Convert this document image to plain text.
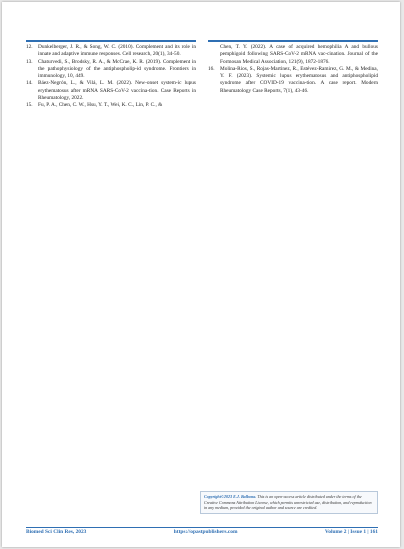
12.	Dunkelberger, J. R., & Song, W. C. (2010). Complement and its role in innate and adaptive immune responses. Cell research, 20(1), 34-50.
13.	Chaturvedi, S., Brodsky, R. A., & McCrae, K. R. (2019). Complement in the pathophysiology of the antiphospholip-id syndrome. Frontiers in immunology, 10, 449.
14.	Báez-Negrón, L., & Vilá, L. M. (2022). New-onset system-ic lupus erythematosus after mRNA SARS-CoV-2 vaccina-tion. Case Reports in Rheumatology, 2022.
15.	Fu, P. A., Chen, C. W., Hsu, Y. T., Wei, K. C., Lin, P. C., &
Chen, T. Y. (2022). A case of acquired hemophilia A and bullous pemphigoid following SARS-CoV-2 mRNA vac-cination. Journal of the Formosan Medical Association, 121(9), 1872-1876.
16.	Molina-Rios, S., Rojas-Martinez, R., Estévez-Ramirez, G. M., & Medina, Y. F. (2023). Systemic lupus erythematosus and antiphospholipid syndrome after COVID-19 vaccina-tion. A case report. Modern Rheumatology Case Reports, 7(1), 43-46.
Copyright©2023 E.J. Balbona. This is an open-access article distributed under the terms of the Creative Commons Attribution License, which permits unrestricted use, distribution, and reproduction in any medium, provided the original author and source are credited.
Biomed Sci Clin Res, 2023	https://opastpublishers.com	Volume 2 | Issue 1 | 161
